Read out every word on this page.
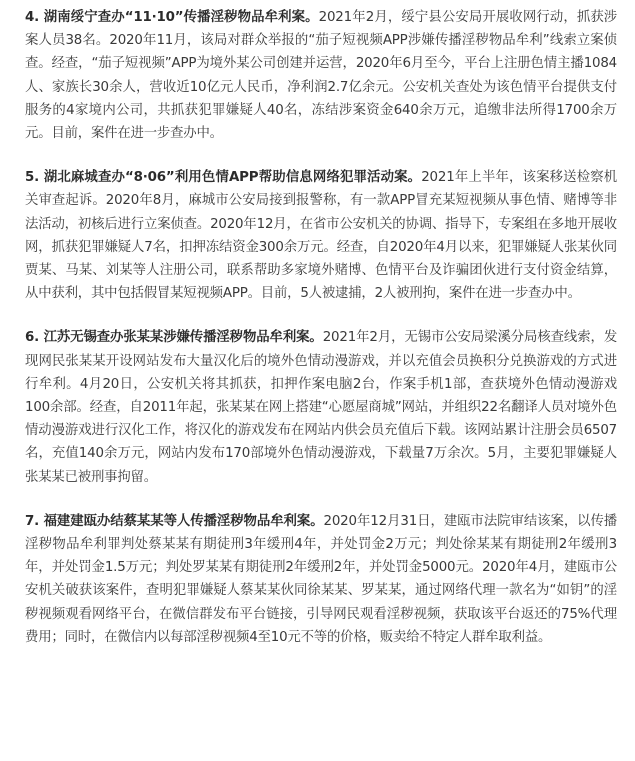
4. 湖南绥宁查办“11·10”传播淫秽物品牟利案。2021年2月，绥宁县公安局开展收网行动，抓获涉案人员38名。2020年11月，该局对群众举报的“茄子短视频APP涉嫌传播淫秽物品牟利”线索立案侦查。经查，“茄子短视频”APP为境外某公司创建并运营，2020年6月至今，平台上注册色情主播1084人、家族长30余人，营收近10亿元人民币，净利润2.7亿余元。公安机关查处为该色情平台提供支付服务的4家境内公司，共抓获犯罪嫌疑人40名，冻结涉案资金640余万元，追缴非法所得1700余万元。目前，案件在进一步查办中。

5. 湖北麻城查办“8·06”利用色情APP帮助信息网络犯罪活动案。2021年上半年，该案移送检察机关审查起诉。2020年8月，麻城市公安局接到报警称，有一款APP冒充某短视频从事色情、赌博等非法活动，初核后进行立案侦查。2020年12月，在省市公安机关的协调、指导下，专案组在多地开展收网，抓获犯罪嫌疑人7名，扣押冻结资金300余万元。经查，自2020年4月以来，犯罪嫌疑人张某伙同贾某、马某、刘某等人注册公司，联系帮助多家境外赌博、色情平台及诈骗团伙进行支付资金结算，从中获利，其中包括假冒某短视频APP。目前，5人被逮捕，2人被刑拘，案件在进一步查办中。

6. 江苏无锡查办张某某涉嫌传播淫秽物品牟利案。2021年2月，无锡市公安局梁溪分局核查线索，发现网民张某某开设网站发布大量汉化后的境外色情动漫游戏，并以充值会员换积分兑换游戏的方式进行牟利。4月20日，公安机关将其抓获，扣押作案电脑2台，作案手机1部，查获境外色情动漫游戏100余部。经查，自2011年起，张某某在网上搭建“心愿屋商城”网站，并组织22名翻译人员对境外色情动漫游戏进行汉化工作，将汉化的游戏发布在网站内供会员充值后下载。该网站累计注册会员6507名，充值140余万元，网站内发布170部境外色情动漫游戏，下载量7万余次。5月，主要犯罪嫌疑人张某某已被刑事拘留。

7. 福建建瓯办结蔡某某等人传播淫秽物品牟利案。2020年12月31日，建瓯市法院审结该案，以传播淫秽物品牟利罪判处蔡某某有期徒刑3年缓刑4年，并处罚金2万元；判处徐某某有期徒刑2年缓刑3年，并处罚金1.5万元；判处罗某某有期徒刑2年缓刑2年，并处罚金5000元。2020年4月，建瓯市公安机关破获该案件，查明犯罪嫌疑人蔡某某伙同徐某某、罗某某，通过网络代理一款名为“如钥”的淫秽视频观看网络平台，在微信群发布平台链接，引导网民观看淫秽视频，获取该平台返还的75%代理费用；同时，在微信内以每部淫秽视频4至10元不等的价格，贩卖给不特定人群牟取利益。
